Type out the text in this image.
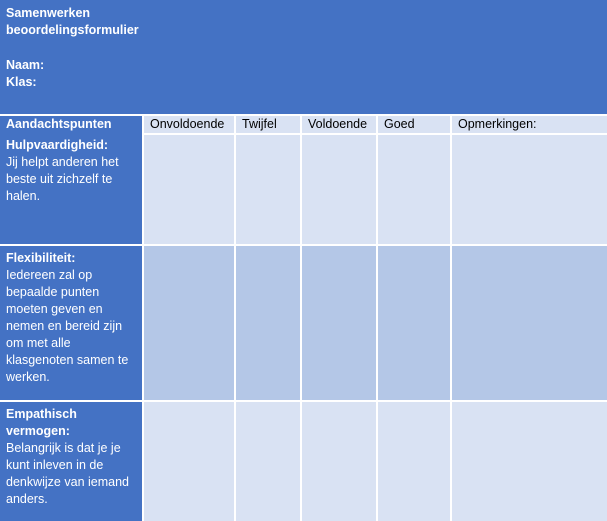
Samenwerken beoordelingsformulier
Naam:
Klas:
Aandachtspunten	Onvoldoende	Twijfel	Voldoende	Goed	Opmerkingen:
Hulpvaardigheid:
Jij helpt anderen het beste uit zichzelf te halen.
Flexibiliteit:
Iedereen zal op bepaalde punten moeten geven en nemen en bereid zijn om met alle klasgenoten samen te werken.
Empathisch vermogen:
Belangrijk is dat je je kunt inleven in de denkwijze van iemand anders.
